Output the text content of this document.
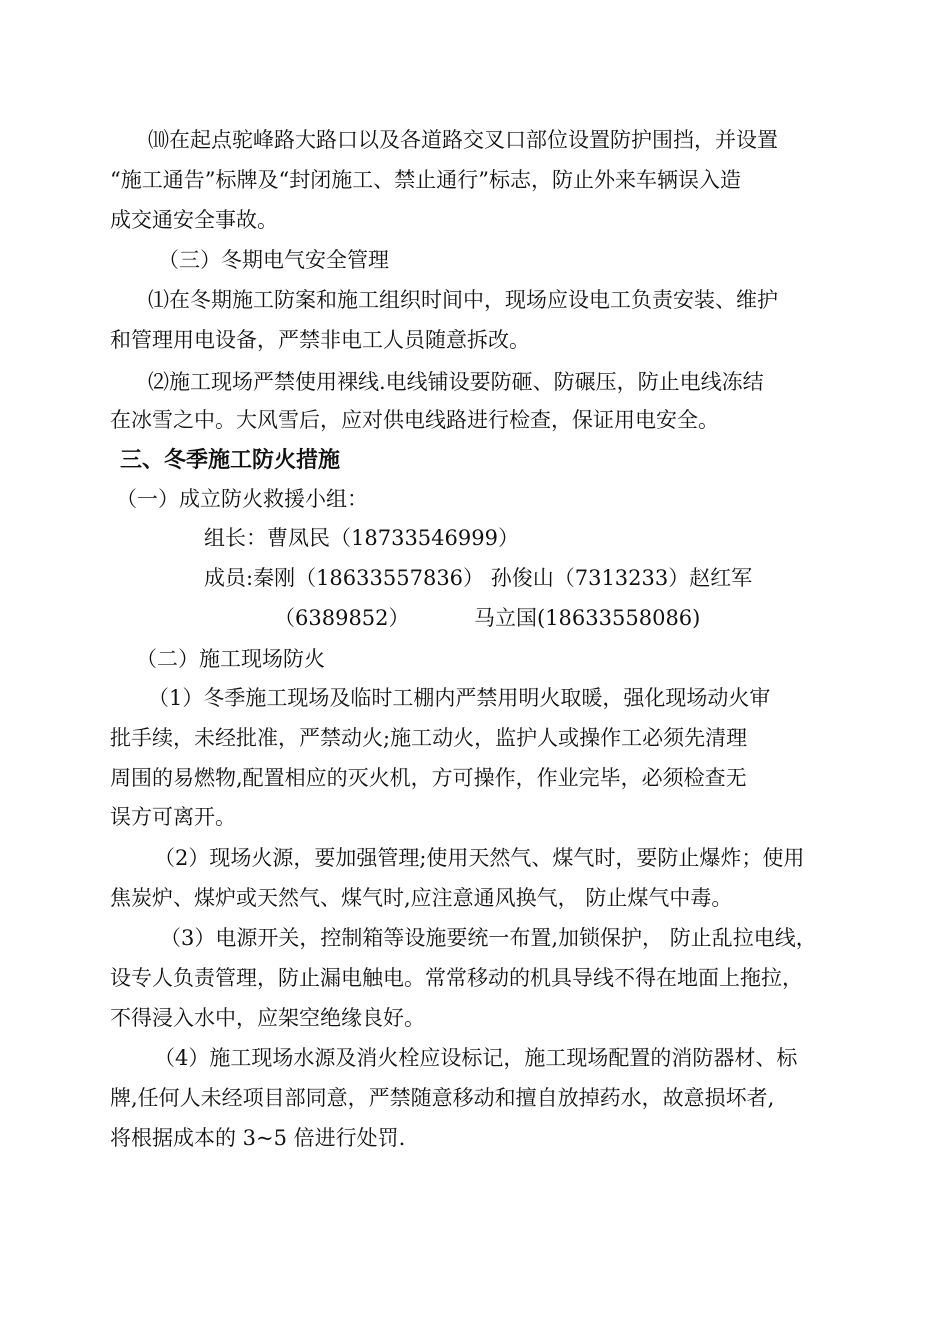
⑽在起点驼峰路大路口以及各道路交叉口部位设置防护围挡，并设置
“施工通告”标牌及“封闭施工、禁止通行”标志，防止外来车辆误入造
成交通安全事故。
（三）冬期电气安全管理
⑴在冬期施工防案和施工组织时间中，现场应设电工负责安装、维护
和管理用电设备，严禁非电工人员随意拆改。
⑵施工现场严禁使用裸线.电线铺设要防砸、防碾压，防止电线冻结
在冰雪之中。大风雪后，应对供电线路进行检查，保证用电安全。
三、冬季施工防火措施
（一）成立防火救援小组：
组长：曹凤民（18733546999）
成员:秦刚（18633557836） 孙俊山（7313233）赵红军
（6389852）	马立国(18633558086)
（二）施工现场防火
（1）冬季施工现场及临时工棚内严禁用明火取暖，强化现场动火审
批手续，未经批准，严禁动火;施工动火，监护人或操作工必须先清理
周围的易燃物,配置相应的灭火机，方可操作，作业完毕，必须检查无
误方可离开。
（2）现场火源，要加强管理;使用天然气、煤气时，要防止爆炸；使用
焦炭炉、煤炉或天然气、煤气时,应注意通风换气， 防止煤气中毒。
（3）电源开关，控制箱等设施要统一布置,加锁保护， 防止乱拉电线，
设专人负责管理，防止漏电触电。常常移动的机具导线不得在地面上拖拉，
不得浸入水中，应架空绝缘良好。
（4）施工现场水源及消火栓应设标记，施工现场配置的消防器材、标
牌,任何人未经项目部同意，严禁随意移动和擅自放掉药水，故意损坏者,
将根据成本的 3~5 倍进行处罚.
